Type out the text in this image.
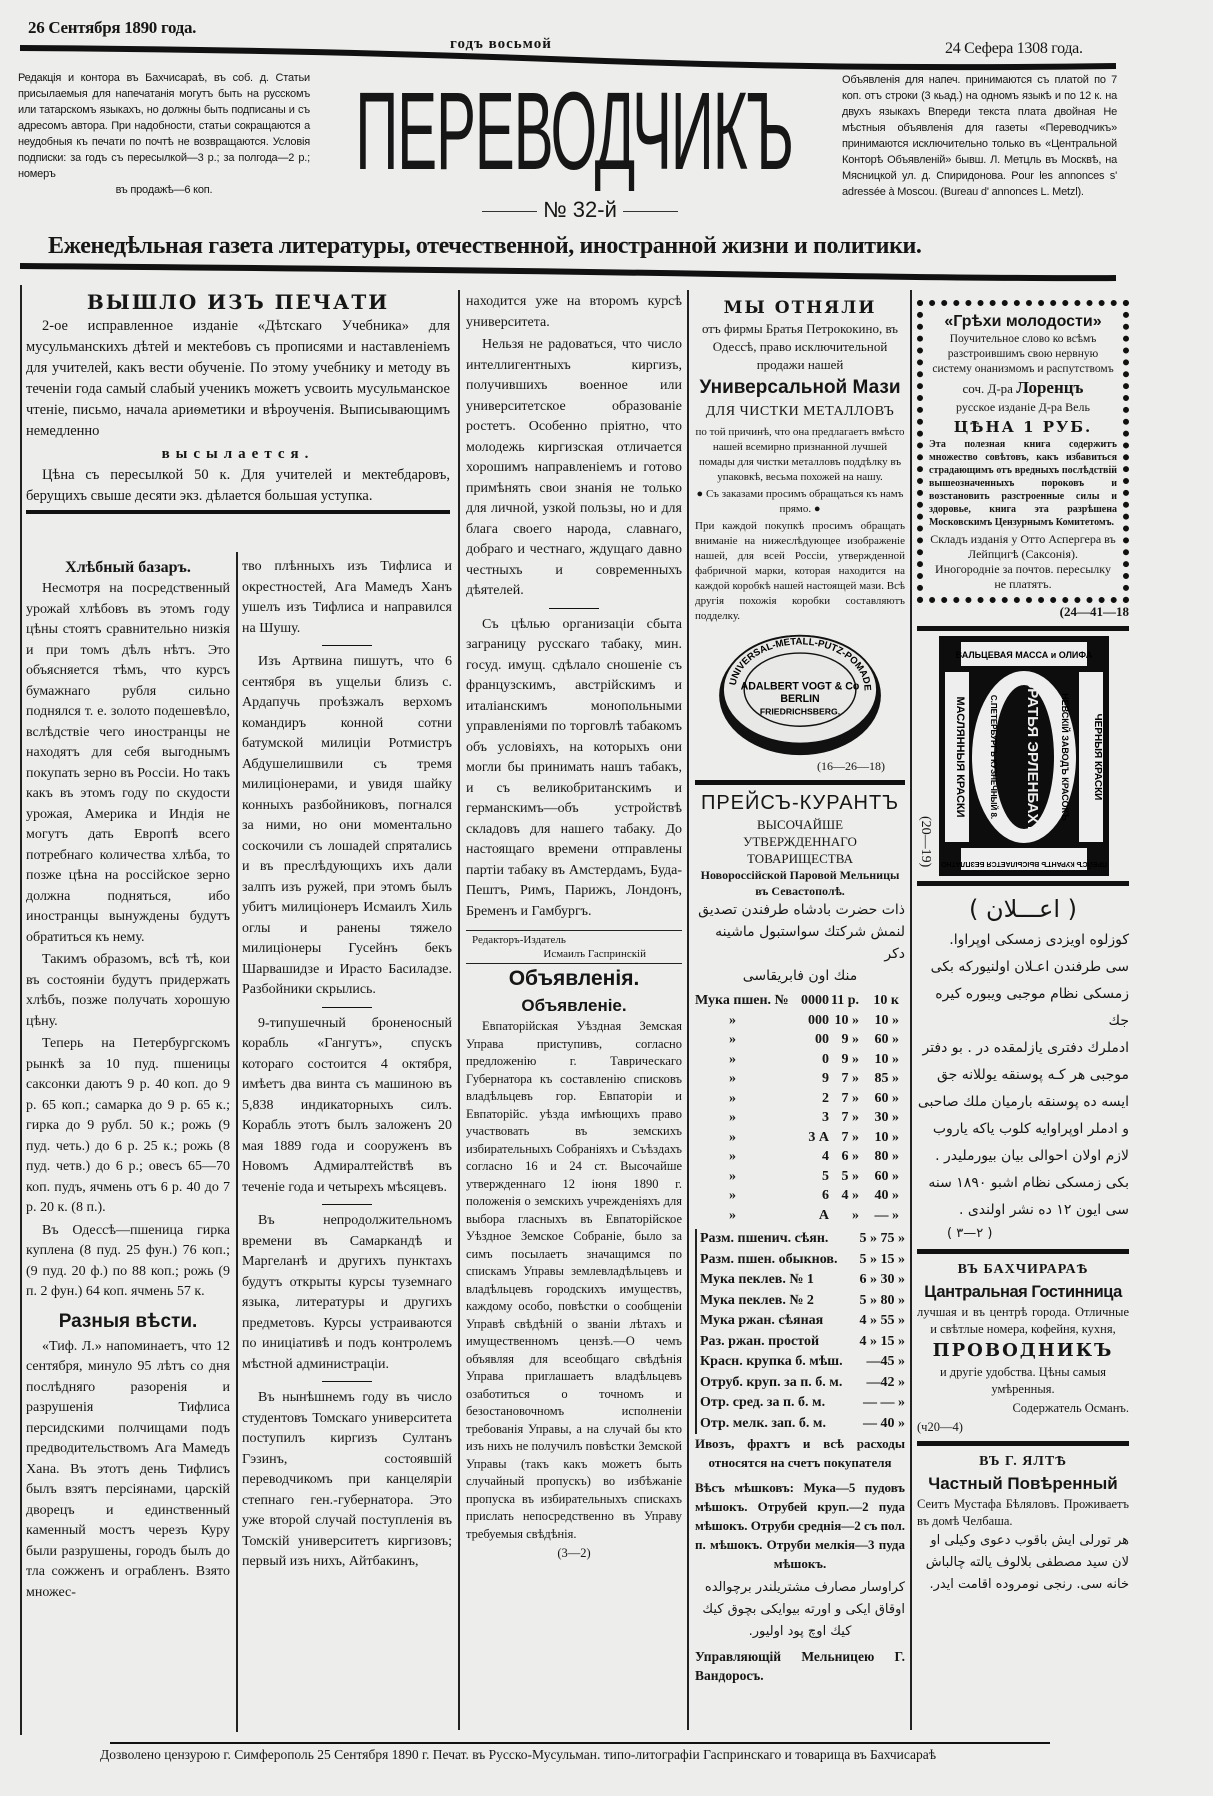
26 Сентября 1890 года.
годъ восьмой	24 Сефера 1308 года.
Редакція и контора въ Бахчисараѣ, въ соб. д. Статьи присылаемыя для напечатанія могутъ быть на русскомъ или татарскомъ языкахъ, но должны быть подписаны и съ адресомъ автора. При надобности, статьи сокращаются а неудобныя къ печати по почтѣ не возвращаются. Условія подписки: за годъ съ пересылкой—3 р.; за полгода—2 р.; номеръ
въ продажѣ—6 коп.	ПЕРЕВОДЧИКЪ
№ 32-й
Объявленія для напеч. принимаются съ платой по 7 коп. отъ строки (3 кьад.) на одномъ языкѣ и по 12 к. на двухъ языкахъ Впереди текста плата двойная Не мѣстныя объявленія для газеты «Переводчикъ» принимаются исключительно только въ «Центральной Конторѣ Объявленій» бывш. Л. Метцль въ Москвѣ, на Мясницкой ул. д. Спиридонова. Pour les annonces s' adressée à Moscou. (Bureau d' annonces L. Metzl).
Еженедѣльная газета литературы, отечественной, иностранной жизни и политики.
ВЫШЛО ИЗЪ ПЕЧАТИ

2-ое исправленное изданіе «Дѣтскаго Учебника» для мусульманскихъ дѣтей и мектебовъ съ прописями и наставленіемъ для учителей, какъ вести обученіе. По этому учебнику и методу въ теченіи года самый слабый ученикъ можетъ усвоить мусульманское чтеніе, письмо, начала ариѳметики и вѣроученія. Выписывающимъ немедленно

высылается.

Цѣна съ пересылкой 50 к. Для учителей и мектебдаровъ, берущихъ свыше десяти экз. дѣлается большая уступка.

Хлѣбный базаръ.

Несмотря на посредственный урожай хлѣбовъ въ этомъ году цѣны стоятъ сравнительно низкія и при томъ дѣлъ нѣтъ. Это объясняется тѣмъ, что курсъ бумажнаго рубля сильно поднялся т. е. золото подешевѣло, вслѣдствіе чего иностранцы не находятъ для себя выгоднымъ покупать зерно въ Россіи. Но такъ какъ въ этомъ году по скудости урожая, Америка и Индія не могутъ дать Европѣ всего потребнаго количества хлѣба, то позже цѣна на россійское зерно должна подняться, ибо иностранцы вынуждены будутъ обратиться къ нему.

Такимъ образомъ, всѣ тѣ, кои въ состояніи будутъ придержать хлѣбъ, позже получать хорошую цѣну.

Теперь на Петербургскомъ рынкѣ за 10 пуд. пшеницы саксонки даютъ 9 р. 40 коп. до 9 р. 65 коп.; самарка до 9 р. 65 к.; гирка до 9 рубл. 50 к.; рожь (9 пуд. четь.) до 6 р. 25 к.; рожь (8 пуд. четв.) до 6 р.; овесъ 65—70 коп. пудъ, ячмень отъ 6 р. 40 до 7 р. 20 к. (8 п.).

Въ Одессѣ—пшеница гирка куплена (8 пуд. 25 фун.) 76 коп.; (9 пуд. 20 ф.) по 88 коп.; рожь (9 п. 2 фун.) 64 коп. ячмень 57 к.

Разныя вѣсти.

«Тиф. Л.» напоминаетъ, что 12 сентября, минуло 95 лѣтъ со дня послѣдняго разоренія и разрушенія Тифлиса персидскими полчищами подъ предводительствомъ Ага Мамедъ Хана. Въ этотъ день Тифлисъ былъ взятъ персіянами, царскій дворецъ и единственный каменный мостъ черезъ Куру были разрушены, городъ былъ до тла сожженъ и ограбленъ. Взято множес-

тво плѣнныхъ изъ Тифлиса и окрестностей, Ага Мамедъ Ханъ ушелъ изъ Тифлиса и направился на Шушу.

Изъ Артвина пишутъ, что 6 сентября въ ущельи близъ с. Ардапучь проѣзжалъ верхомъ командиръ конной сотни батумской милиціи Ротмистръ Абдушелишвили съ тремя милиціонерами, и увидя шайку конныхъ разбойниковъ, погнался за ними, но они моментально соскочили съ лошадей спрятались и въ преслѣдующихъ ихъ дали залпъ изъ ружей, при этомъ былъ убитъ милиціонеръ Исмаилъ Хиль оглы и ранены тяжело милиціонеры Гусейнъ бекъ Шарвашидзе и Ирасто Басиладзе. Разбойники скрылись.

9-типушечный броненосный корабль «Гангутъ», спускъ котораго состоится 4 октября, имѣетъ два винта съ машиною въ 5,838 индикаторныхъ силъ. Корабль этотъ былъ заложенъ 20 мая 1889 года и сооруженъ въ Новомъ Адмиралтействѣ въ теченіе года и четырехъ мѣсяцевъ.

Въ непродолжительномъ времени въ Самаркандѣ и Маргеланѣ и другихъ пунктахъ будутъ открыты курсы туземнаго языка, литературы и другихъ предметовъ. Курсы устраиваются по иниціативѣ и подъ контролемъ мѣстной администраціи.

Въ нынѣшнемъ году въ число студентовъ Томскаго университета поступилъ киргизъ Султанъ Гэзинъ, состоявшій переводчикомъ при канцеляріи степнаго ген.-губернатора. Это уже второй случай поступленія въ Томскій университетъ киргизовъ; первый изъ нихъ, Айтбакинъ,

находится уже на второмъ курсѣ университета.

Нельзя не радоваться, что число интеллигентныхъ киргизъ, получившихъ военное или университетское образованіе ростетъ. Особенно пріятно, что молодежь киргизская отличается хорошимъ направленіемъ и готово примѣнять свои знанія не только для личной, узкой пользы, но и для блага своего народа, славнаго, добраго и честнаго, ждущаго давно честныхъ и современныхъ дѣятелей.

Съ цѣлью организаціи сбыта заграницу русскаго табаку, мин. госуд. имущ. сдѣлало сношеніе съ французскимъ, австрійскимъ и италіанскимъ монопольными управленіями по торговлѣ табакомъ объ условіяхъ, на которыхъ они могли бы принимать нашъ табакъ, и съ великобританскимъ и германскимъ—объ устройствѣ складовъ для нашего табаку. До настоящаго времени отправлены партіи табаку въ Амстердамъ, Буда-Пештъ, Римъ, Парижъ, Лондонъ, Бременъ и Гамбургъ.

Редакторъ-Издатель
Исмаилъ Гаспринскій
Объявленія.
Объявленіе.

Евпаторійская Уѣздная Земская Управа приступивъ, согласно предложенію г. Таврическаго Губернатора къ составленію списковъ владѣльцевъ гор. Евпаторіи и Евпаторійс. уѣзда имѣющихъ право участвовать въ земскихъ избирательныхъ Собраніяхъ и Съѣздахъ согласно 16 и 24 ст. Высочайше утвержденнаго 12 іюня 1890 г. положенія о земскихъ учрежденіяхъ для выбора гласныхъ въ Евпаторійское Уѣздное Земское Собраніе, было за симъ посылаетъ значащимся по спискамъ Управы землевладѣльцевъ и владѣльцевъ городскихъ имуществъ, каждому особо, повѣстки о сообщеніи Управѣ свѣдѣній о званіи лѣтахъ и имущественномъ цензѣ.—О чемъ объявляя для всеобщаго свѣдѣнія Управа приглашаетъ владѣльцевъ озаботиться о точномъ и безостановочномъ исполненіи требованія Управы, а на случай бы кто изъ нихъ не получилъ повѣстки Земской Управы (такъ какъ можетъ быть случайный пропускъ) во избѣжаніе пропуска въ избирательныхъ спискахъ прислать непосредственно въ Управу требуемыя свѣдѣнія.

(3—2)
МЫ ОТНЯЛИ
отъ фирмы Братья Петрококино, въ Одессѣ, право исключительной продажи нашей
Универсальной Мази
ДЛЯ ЧИСТКИ МЕТАЛЛОВЪ

по той причинѣ, что она предлагаетъ вмѣсто нашей всемирно признанной лучшей помады для чистки металловъ поддѣлку въ упаковкѣ, весьма похожей на нашу.

● Съ заказами просимъ обращаться къ намъ прямо. ●

При каждой покупкѣ просимъ обращать вниманіе на нижеслѣдующее изображеніе нашей, для всей Россіи, утвержденной фабричной марки, которая находится на каждой коробкѣ нашей настоящей мази. Всѣ другія похожія коробки составляютъ подделку.

UNIVERSAL-METALL-PUTZ-POMADE
ADALBERT VOGT & Co
BERLIN
FRIEDRICHSBERG.
(16—26—18)
ПРЕЙСЪ-КУРАНТЪ
ВЫСОЧАЙШЕ УТВЕРЖДЕННАГО ТОВАРИЩЕСТВА
Новороссійской Паровой Мельницы въ Севастополѣ.
ذات حضرت بادشاه طرفندن تصديق
لنمش شركتك سواستبول ماشينه دكر
منك اون فابريقاسى
Мука пшен. № 0000 11 р.	10 к
»	000 10 »	10 »
»	00 9 »	60 »
»	0 9 »	10 »
»	9 7 »	85 »
»	2 7 »	60 »
»	3 7 »	30 »
»	3 А 7 »	10 »
»	4 6 »	80 »
»	5 5 »	60 »
»	6 4 »	40 »
»	А	»	— »
Разм. пшенич. сѣян. 5 » 75 »
Разм. пшен. обыкнов. 5 » 15 »
Мука пеклев. № 1	6 » 30 »
Мука пеклев. № 2	5 » 80 »
Мука ржан. сѣяная	4 » 55 »
Раз. ржан. простой	4 » 15 »
Красн. крупка б. мѣш. —45 »
Отруб. круп. за п. б. м. —42 »
Отр. сред. за п. б. м.	— — »
Отр. мелк. зап. б. м.	— 40 »
Ивозъ, фрахтъ и всѣ расходы относятся на счетъ покупателя
Вѣсъ мѣшковъ: Мука—5 пудовъ мѣшокъ. Отрубей круп.—2 пуда мѣшокъ. Отруби среднія—2 съ пол. п. мѣшокъ. Отруби мелкія—3 пуда мѣшокъ.
كراوسار مصارف مشتريلندر برچوالده
اوقاق ايكى و اورته بيوايكى بچوق كيك
كيك اوچ پود اوليور.
Управляющій Мельницею Г. Вандоросъ.
«Грѣхи молодости»
Поучительное слово ко всѣмъ разстроившимъ свою нервную систему онанизмомъ и распутствомъ
соч. Д-ра Лоренцъ
русское изданіе Д-ра Вель
ЦѢНА 1 РУБ.
Эта полезная книга содержитъ множество совѣтовъ, какъ избавиться страдающимъ отъ вредныхъ послѣдствій вышеозначенныхъ пороковъ и возстановить разстроенные силы и здоровье, книга эта разрѣшена Московскимъ Цензурнымъ Комитетомъ.
Складъ изданія у Отто Аспергера въ Лейпцигѣ (Саксонія).
Иногородніе за почтов. пересылку не платятъ.
(24—41—18
(20—19)
ВАЛЬЦЕВАЯ МАССА и ОЛИФА
МАСЛЯННЫЯ КРАСКИ	ЧЕРНЫЯ КРАСКИ
БРАТЬЯ ЭРЛЕНБАХЪ НЕВСКІЙ ЗАВОДЪ КРАСОКЪ
С.ПЕТЕРБУРГЪ КУЗНЕЧНЫЙ 8.
ПРЕЙСЪ КУРАНТЪ ВЫСЫЛАЕТСЯ БЕЗПЛАТНО
( اعـــلان )
كوزلوه اويزدى زمسكى اوپراوا.
سى طرفندن اعـلان اولنيوركه بكى
زمسكى نظام موجبى ويبوره كيره جك
ادملرك دفترى يازلمقده در . بو دفتر
موجبى هر كـه پوسنقه يوللانه جق
ايسه ده پوسنقه بارميان ملك صاحبى
و ادملر اوپراوايه كلوب ياكه ياروب
لازم اولان احوالى بيان بيورمليدر .
بكى زمسكى نظام اشبو ١٨٩٠ سنه
سى ايون ١٢ ده نشر اولندى .
( ٢—٣ )
ВЪ БАХЧИРАРАѢ
Цантральная Гостинница
лучшая и въ центрѣ города. Отличные и свѣтлые номера, кофейня, кухня,
ПРОВОДНИКЪ
и другіе удобства. Цѣны самыя умѣренныя.
Содержатель Османъ.
(ч20—4)
ВЪ Г. ЯЛТѢ
Частный Повѣренный
Сеитъ Мустафа Бѣляловъ. Проживаетъ въ домѣ Челбаша.
هر تورلى ايش باقوب دعوى وكيلى او
لان سيد مصطفى بلالوف يالته چالباش
خانه سى. رنجى نومروده اقامت ايدر.
Дозволено цензурою г. Симферополь 25 Сентября 1890 г. Печат. въ Русско-Мусульман. типо-литографіи Гаспринскаго и товарища въ Бахчисараѣ
